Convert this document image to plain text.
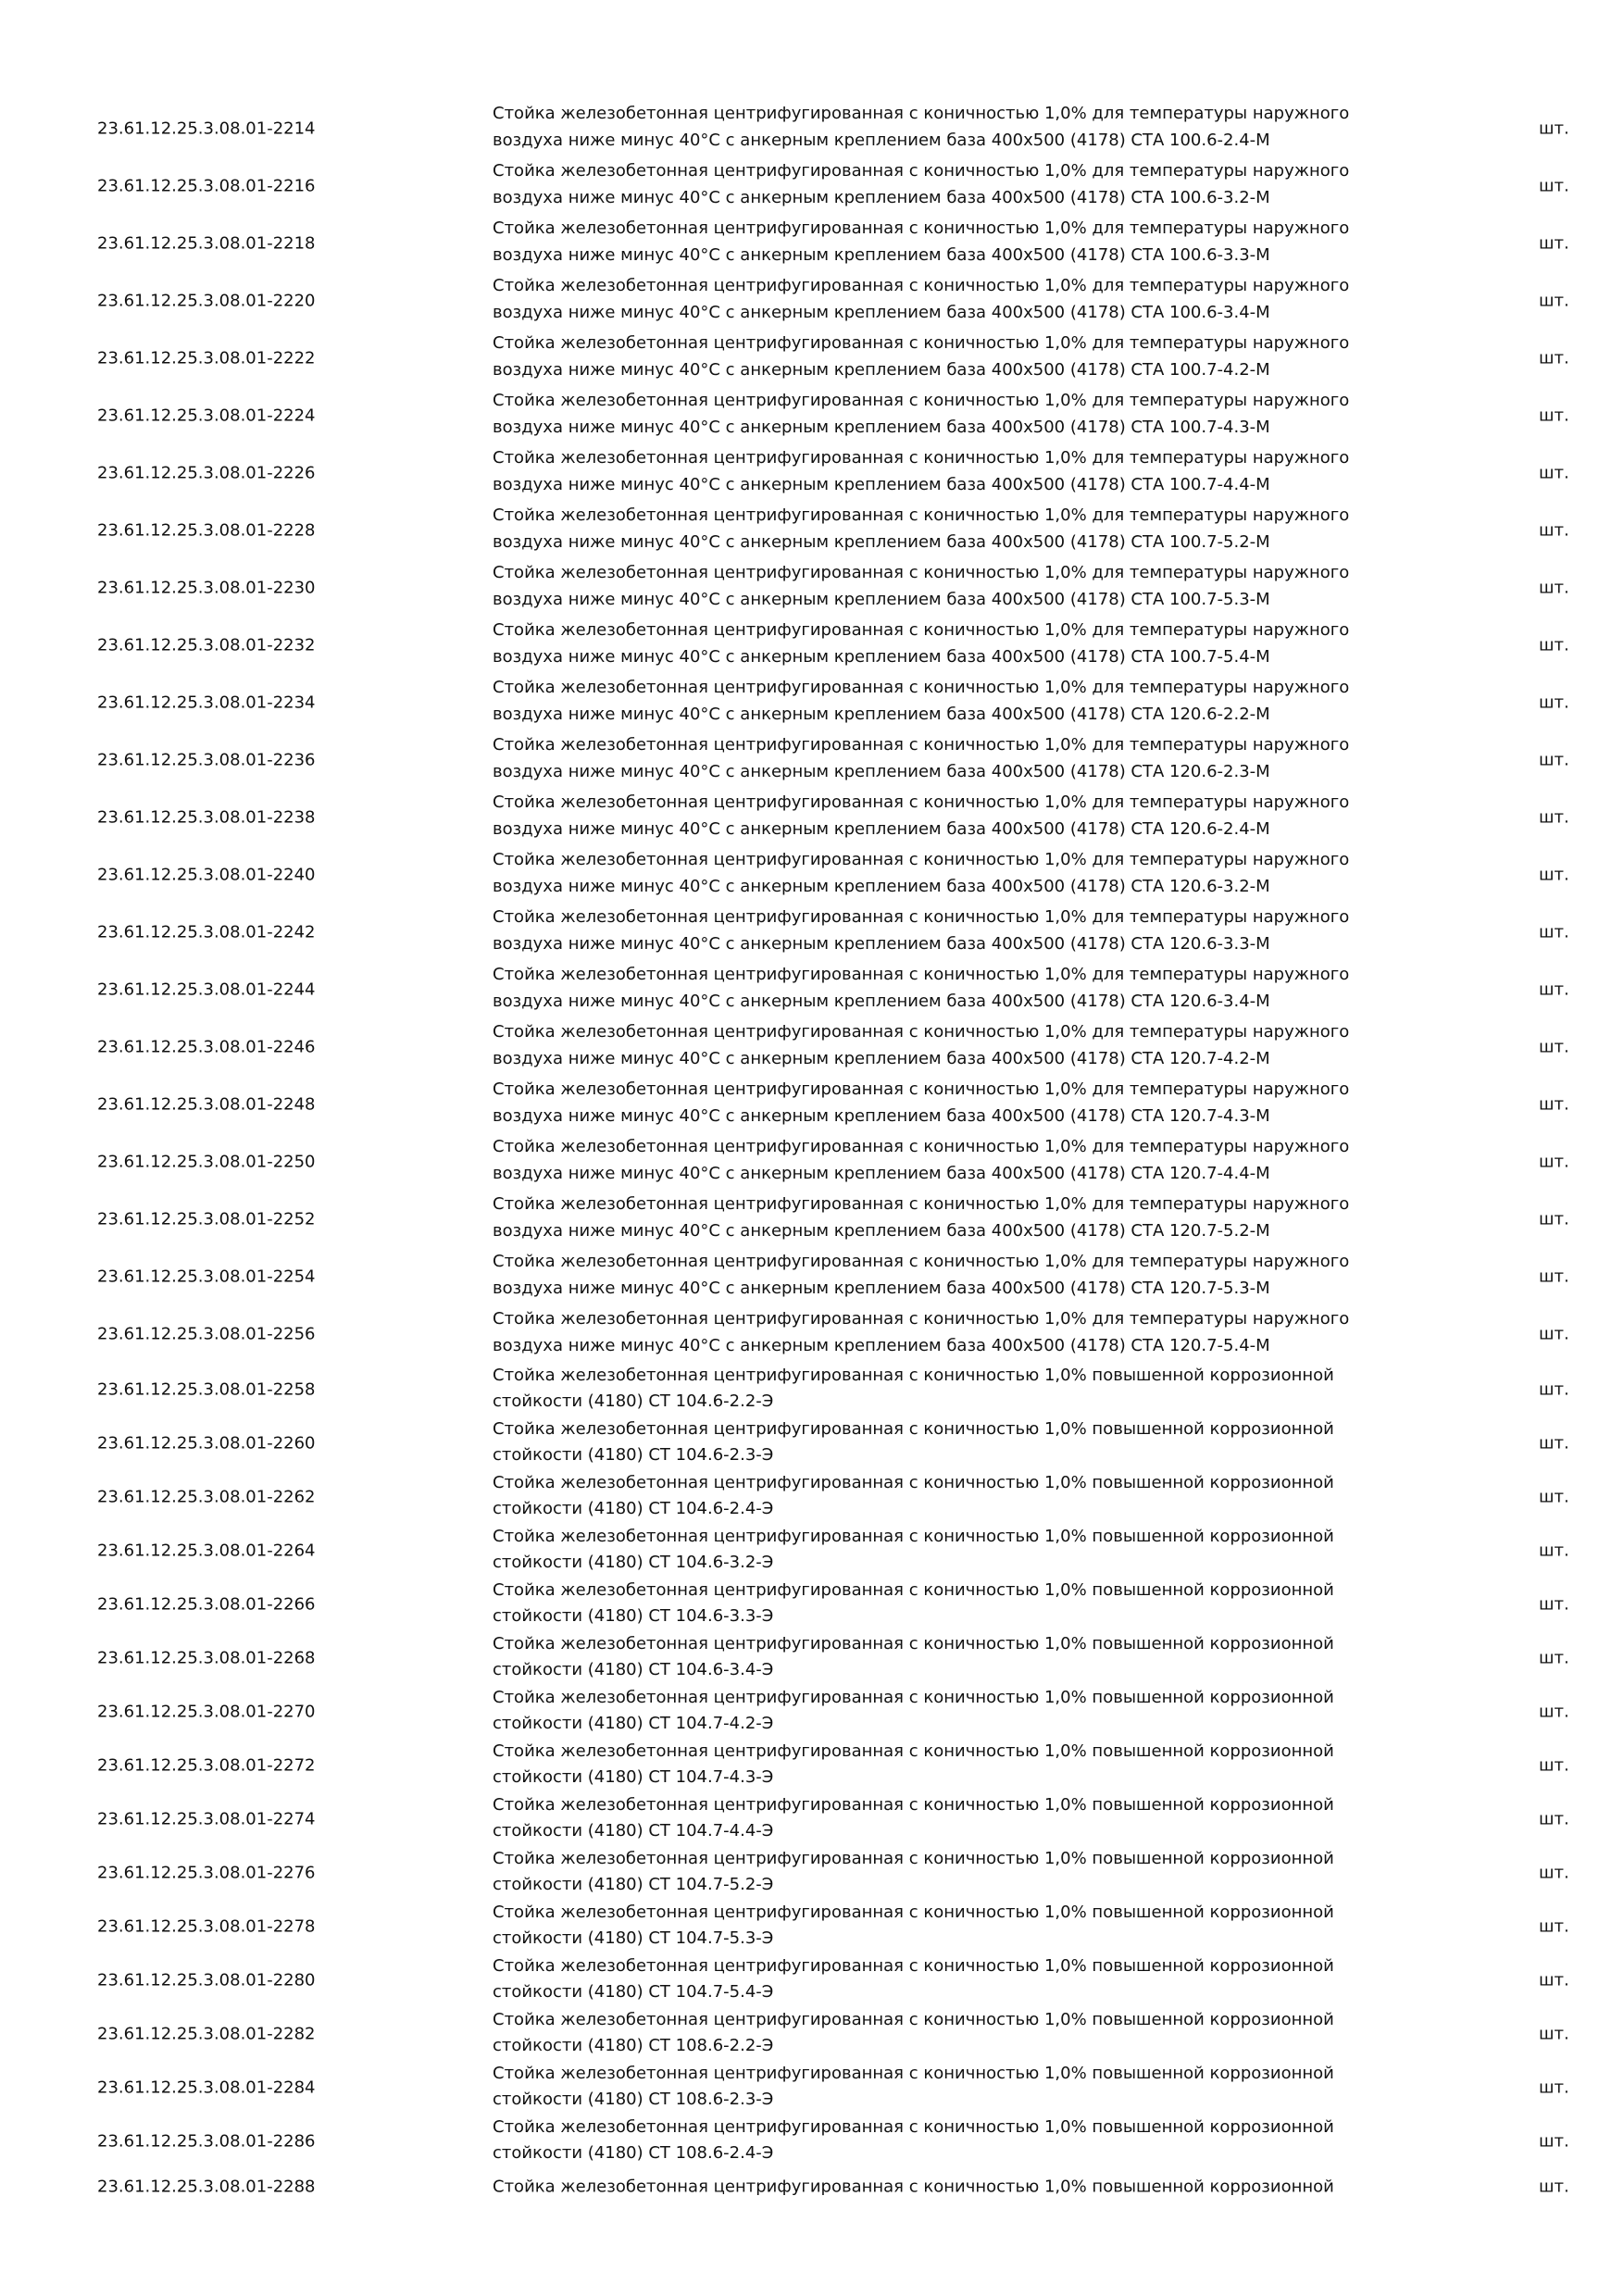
23.61.12.25.3.08.01-2214
Стойка железобетонная центрифугированная с коничностью 1,0% для температуры наружного
воздуха ниже минус 40°С с анкерным креплением база 400х500 (4178) СТА 100.6-2.4-М
шт.
23.61.12.25.3.08.01-2216
Стойка железобетонная центрифугированная с коничностью 1,0% для температуры наружного
воздуха ниже минус 40°С с анкерным креплением база 400х500 (4178) СТА 100.6-3.2-М
шт.
23.61.12.25.3.08.01-2218
Стойка железобетонная центрифугированная с коничностью 1,0% для температуры наружного
воздуха ниже минус 40°С с анкерным креплением база 400х500 (4178) СТА 100.6-3.3-М
шт.
23.61.12.25.3.08.01-2220
Стойка железобетонная центрифугированная с коничностью 1,0% для температуры наружного
воздуха ниже минус 40°С с анкерным креплением база 400х500 (4178) СТА 100.6-3.4-М
шт.
23.61.12.25.3.08.01-2222
Стойка железобетонная центрифугированная с коничностью 1,0% для температуры наружного
воздуха ниже минус 40°С с анкерным креплением база 400х500 (4178) СТА 100.7-4.2-М
шт.
23.61.12.25.3.08.01-2224
Стойка железобетонная центрифугированная с коничностью 1,0% для температуры наружного
воздуха ниже минус 40°С с анкерным креплением база 400х500 (4178) СТА 100.7-4.3-М
шт.
23.61.12.25.3.08.01-2226
Стойка железобетонная центрифугированная с коничностью 1,0% для температуры наружного
воздуха ниже минус 40°С с анкерным креплением база 400х500 (4178) СТА 100.7-4.4-М
шт.
23.61.12.25.3.08.01-2228
Стойка железобетонная центрифугированная с коничностью 1,0% для температуры наружного
воздуха ниже минус 40°С с анкерным креплением база 400х500 (4178) СТА 100.7-5.2-М
шт.
23.61.12.25.3.08.01-2230
Стойка железобетонная центрифугированная с коничностью 1,0% для температуры наружного
воздуха ниже минус 40°С с анкерным креплением база 400х500 (4178) СТА 100.7-5.3-М
шт.
23.61.12.25.3.08.01-2232
Стойка железобетонная центрифугированная с коничностью 1,0% для температуры наружного
воздуха ниже минус 40°С с анкерным креплением база 400х500 (4178) СТА 100.7-5.4-М
шт.
23.61.12.25.3.08.01-2234
Стойка железобетонная центрифугированная с коничностью 1,0% для температуры наружного
воздуха ниже минус 40°С с анкерным креплением база 400х500 (4178) СТА 120.6-2.2-М
шт.
23.61.12.25.3.08.01-2236
Стойка железобетонная центрифугированная с коничностью 1,0% для температуры наружного
воздуха ниже минус 40°С с анкерным креплением база 400х500 (4178) СТА 120.6-2.3-М
шт.
23.61.12.25.3.08.01-2238
Стойка железобетонная центрифугированная с коничностью 1,0% для температуры наружного
воздуха ниже минус 40°С с анкерным креплением база 400х500 (4178) СТА 120.6-2.4-М
шт.
23.61.12.25.3.08.01-2240
Стойка железобетонная центрифугированная с коничностью 1,0% для температуры наружного
воздуха ниже минус 40°С с анкерным креплением база 400х500 (4178) СТА 120.6-3.2-М
шт.
23.61.12.25.3.08.01-2242
Стойка железобетонная центрифугированная с коничностью 1,0% для температуры наружного
воздуха ниже минус 40°С с анкерным креплением база 400х500 (4178) СТА 120.6-3.3-М
шт.
23.61.12.25.3.08.01-2244
Стойка железобетонная центрифугированная с коничностью 1,0% для температуры наружного
воздуха ниже минус 40°С с анкерным креплением база 400х500 (4178) СТА 120.6-3.4-М
шт.
23.61.12.25.3.08.01-2246
Стойка железобетонная центрифугированная с коничностью 1,0% для температуры наружного
воздуха ниже минус 40°С с анкерным креплением база 400х500 (4178) СТА 120.7-4.2-М
шт.
23.61.12.25.3.08.01-2248
Стойка железобетонная центрифугированная с коничностью 1,0% для температуры наружного
воздуха ниже минус 40°С с анкерным креплением база 400х500 (4178) СТА 120.7-4.3-М
шт.
23.61.12.25.3.08.01-2250
Стойка железобетонная центрифугированная с коничностью 1,0% для температуры наружного
воздуха ниже минус 40°С с анкерным креплением база 400х500 (4178) СТА 120.7-4.4-М
шт.
23.61.12.25.3.08.01-2252
Стойка железобетонная центрифугированная с коничностью 1,0% для температуры наружного
воздуха ниже минус 40°С с анкерным креплением база 400х500 (4178) СТА 120.7-5.2-М
шт.
23.61.12.25.3.08.01-2254
Стойка железобетонная центрифугированная с коничностью 1,0% для температуры наружного
воздуха ниже минус 40°С с анкерным креплением база 400х500 (4178) СТА 120.7-5.3-М
шт.
23.61.12.25.3.08.01-2256
Стойка железобетонная центрифугированная с коничностью 1,0% для температуры наружного
воздуха ниже минус 40°С с анкерным креплением база 400х500 (4178) СТА 120.7-5.4-М
шт.
23.61.12.25.3.08.01-2258
Стойка железобетонная центрифугированная с коничностью 1,0% повышенной коррозионной
стойкости (4180) СТ 104.6-2.2-Э
шт.
23.61.12.25.3.08.01-2260
Стойка железобетонная центрифугированная с коничностью 1,0% повышенной коррозионной
стойкости (4180) СТ 104.6-2.3-Э
шт.
23.61.12.25.3.08.01-2262
Стойка железобетонная центрифугированная с коничностью 1,0% повышенной коррозионной
стойкости (4180) СТ 104.6-2.4-Э
шт.
23.61.12.25.3.08.01-2264
Стойка железобетонная центрифугированная с коничностью 1,0% повышенной коррозионной
стойкости (4180) СТ 104.6-3.2-Э
шт.
23.61.12.25.3.08.01-2266
Стойка железобетонная центрифугированная с коничностью 1,0% повышенной коррозионной
стойкости (4180) СТ 104.6-3.3-Э
шт.
23.61.12.25.3.08.01-2268
Стойка железобетонная центрифугированная с коничностью 1,0% повышенной коррозионной
стойкости (4180) СТ 104.6-3.4-Э
шт.
23.61.12.25.3.08.01-2270
Стойка железобетонная центрифугированная с коничностью 1,0% повышенной коррозионной
стойкости (4180) СТ 104.7-4.2-Э
шт.
23.61.12.25.3.08.01-2272
Стойка железобетонная центрифугированная с коничностью 1,0% повышенной коррозионной
стойкости (4180) СТ 104.7-4.3-Э
шт.
23.61.12.25.3.08.01-2274
Стойка железобетонная центрифугированная с коничностью 1,0% повышенной коррозионной
стойкости (4180) СТ 104.7-4.4-Э
шт.
23.61.12.25.3.08.01-2276
Стойка железобетонная центрифугированная с коничностью 1,0% повышенной коррозионной
стойкости (4180) СТ 104.7-5.2-Э
шт.
23.61.12.25.3.08.01-2278
Стойка железобетонная центрифугированная с коничностью 1,0% повышенной коррозионной
стойкости (4180) СТ 104.7-5.3-Э
шт.
23.61.12.25.3.08.01-2280
Стойка железобетонная центрифугированная с коничностью 1,0% повышенной коррозионной
стойкости (4180) СТ 104.7-5.4-Э
шт.
23.61.12.25.3.08.01-2282
Стойка железобетонная центрифугированная с коничностью 1,0% повышенной коррозионной
стойкости (4180) СТ 108.6-2.2-Э
шт.
23.61.12.25.3.08.01-2284
Стойка железобетонная центрифугированная с коничностью 1,0% повышенной коррозионной
стойкости (4180) СТ 108.6-2.3-Э
шт.
23.61.12.25.3.08.01-2286
Стойка железобетонная центрифугированная с коничностью 1,0% повышенной коррозионной
стойкости (4180) СТ 108.6-2.4-Э
шт.
23.61.12.25.3.08.01-2288	Стойка железобетонная центрифугированная с коничностью 1,0% повышенной коррозионной	шт.
